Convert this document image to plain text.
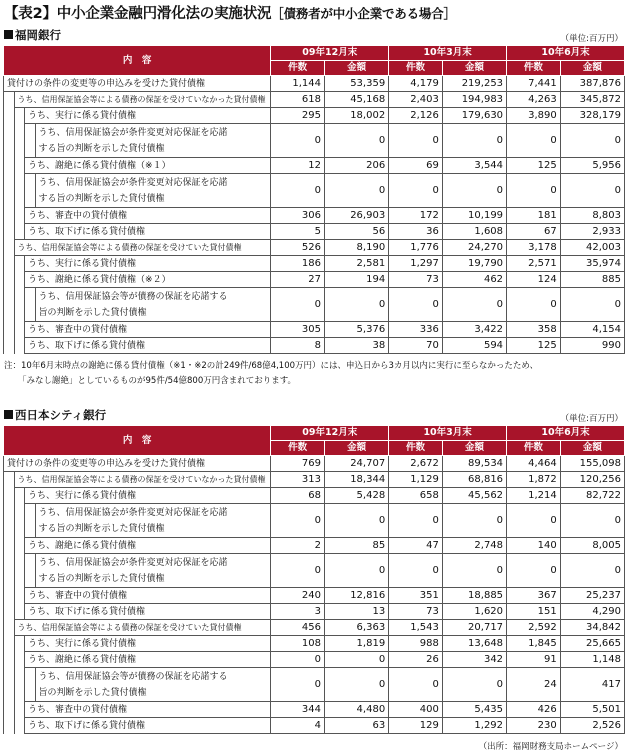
【表2】中小企業金融円滑化法の実施状況［債務者が中小企業である場合］
福岡銀行	（単位:百万円）
内　容				09年12月末		10年3月末		10年6月末	
				件数	金額	件数	金額	件数	金額
貸付けの条件の変更等の申込みを受けた貸付債権				1,144	53,359	4,179	219,253	7,441	387,876
	うち、信用保証協会等による債務の保証を受けていなかった貸付債権			618	45,168	2,403	194,983	4,263	345,872
		うち、実行に係る貸付債権		295	18,002	2,126	179,630	3,890	328,179
			うち、信用保証協会が条件変更対応保証を応諾する旨の判断を示した貸付債権	0	0	0	0	0	0
		うち、謝絶に係る貸付債権（※１）		12	206	69	3,544	125	5,956
			うち、信用保証協会が条件変更対応保証を応諾する旨の判断を示した貸付債権	0	0	0	0	0	0
		うち、審査中の貸付債権		306	26,903	172	10,199	181	8,803
		うち、取下げに係る貸付債権		5	56	36	1,608	67	2,933
	うち、信用保証協会等による債務の保証を受けていた貸付債権			526	8,190	1,776	24,270	3,178	42,003
		うち、実行に係る貸付債権		186	2,581	1,297	19,790	2,571	35,974
		うち、謝絶に係る貸付債権（※２）		27	194	73	462	124	885
			うち、信用保証協会等が債務の保証を応諾する旨の判断を示した貸付債権	0	0	0	0	0	0
		うち、審査中の貸付債権		305	5,376	336	3,422	358	4,154
		うち、取下げに係る貸付債権		8	38	70	594	125	990
注：10年6月末時点の謝絶に係る貸付債権（※1・※2の計249件/68億4,100万円）には、申込日から3カ月以内に実行に至らなかったため、
「みなし謝絶」としているものが95件/54億800万円含まれております。
西日本シティ銀行	（単位:百万円）
内　容				09年12月末		10年3月末		10年6月末	
				件数	金額	件数	金額	件数	金額
貸付けの条件の変更等の申込みを受けた貸付債権				769	24,707	2,672	89,534	4,464	155,098
	うち、信用保証協会等による債務の保証を受けていなかった貸付債権			313	18,344	1,129	68,816	1,872	120,256
		うち、実行に係る貸付債権		68	5,428	658	45,562	1,214	82,722
			うち、信用保証協会が条件変更対応保証を応諾する旨の判断を示した貸付債権	0	0	0	0	0	0
		うち、謝絶に係る貸付債権		2	85	47	2,748	140	8,005
			うち、信用保証協会が条件変更対応保証を応諾する旨の判断を示した貸付債権	0	0	0	0	0	0
		うち、審査中の貸付債権		240	12,816	351	18,885	367	25,237
		うち、取下げに係る貸付債権		3	13	73	1,620	151	4,290
	うち、信用保証協会等による債務の保証を受けていた貸付債権			456	6,363	1,543	20,717	2,592	34,842
		うち、実行に係る貸付債権		108	1,819	988	13,648	1,845	25,665
		うち、謝絶に係る貸付債権		0	0	26	342	91	1,148
			うち、信用保証協会等が債務の保証を応諾する旨の判断を示した貸付債権	0	0	0	0	24	417
		うち、審査中の貸付債権		344	4,480	400	5,435	426	5,501
		うち、取下げに係る貸付債権		4	63	129	1,292	230	2,526
（出所：福岡財務支局ホームページ）
